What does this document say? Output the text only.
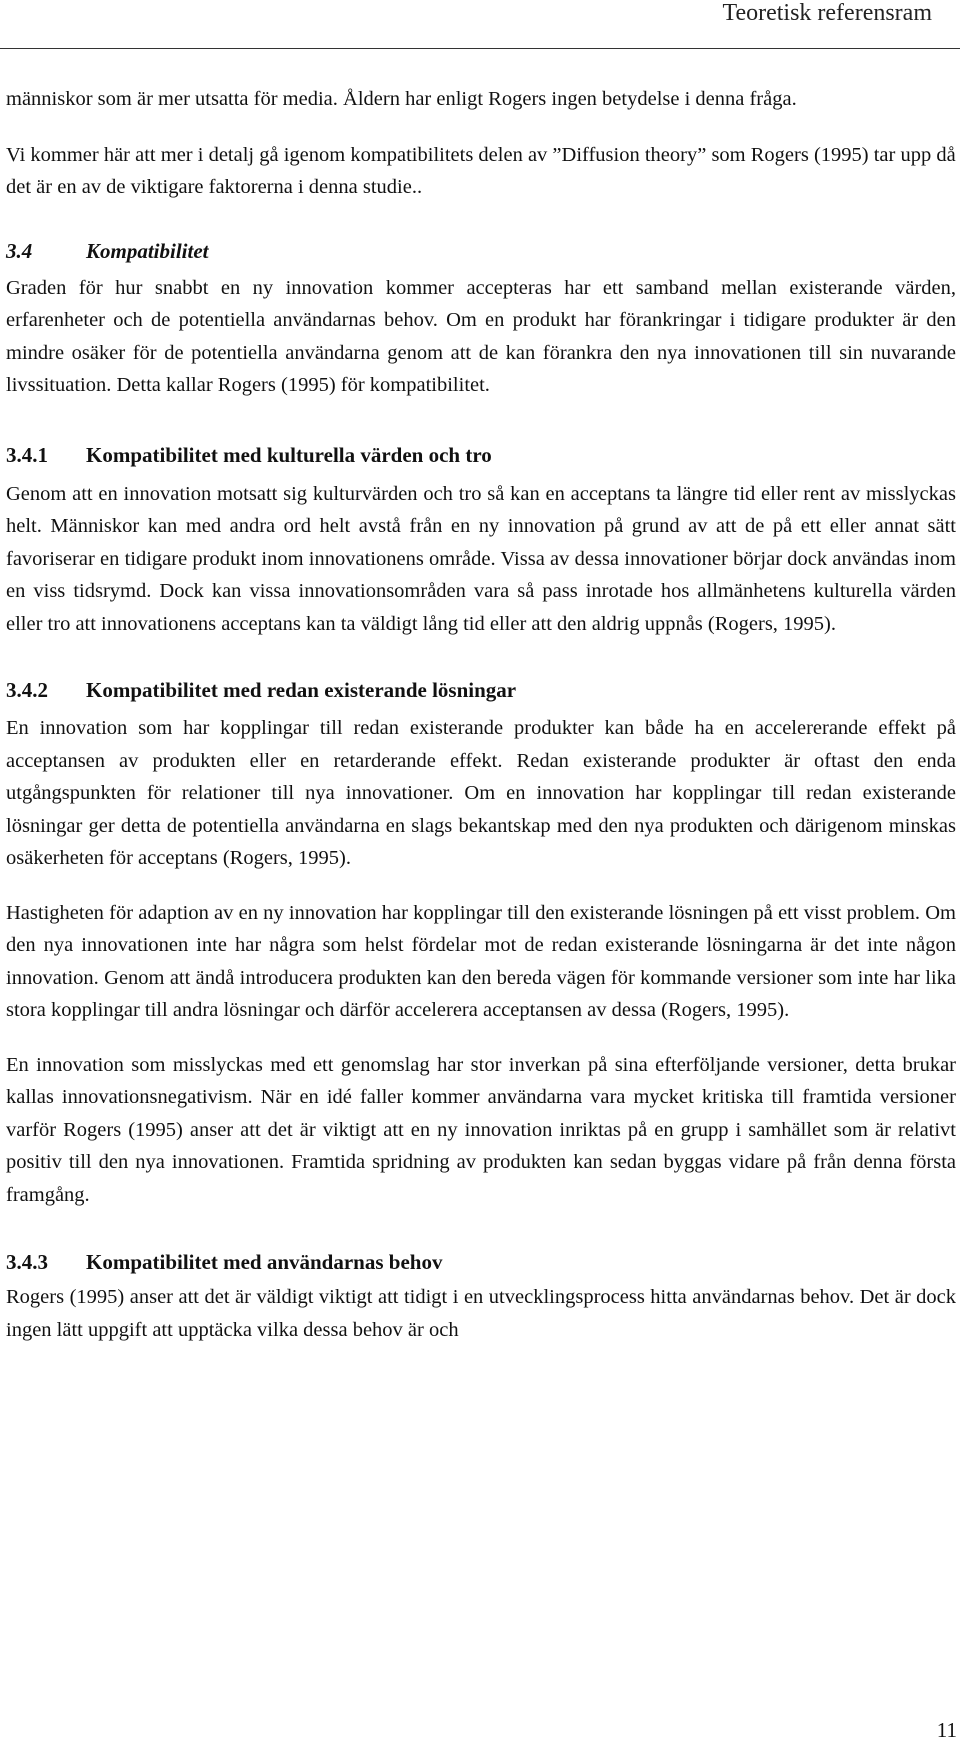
Teoretisk referensram

människor som är mer utsatta för media. Åldern har enligt Rogers ingen betydelse i denna fråga.

Vi kommer här att mer i detalj gå igenom kompatibilitets delen av ”Diffusion theory” som Rogers (1995) tar upp då det är en av de viktigare faktorerna i denna studie..

3.4	Kompatibilitet

Graden för hur snabbt en ny innovation kommer accepteras har ett samband mellan existerande värden, erfarenheter och de potentiella användarnas behov. Om en produkt har förankringar i tidigare produkter är den mindre osäker för de potentiella användarna genom att de kan förankra den nya innovationen till sin nuvarande livssituation. Detta kallar Rogers (1995) för kompatibilitet.

3.4.1 Kompatibilitet med kulturella värden och tro

Genom att en innovation motsatt sig kulturvärden och tro så kan en acceptans ta längre tid eller rent av misslyckas helt. Människor kan med andra ord helt avstå från en ny innovation på grund av att de på ett eller annat sätt favoriserar en tidigare produkt inom innovationens område. Vissa av dessa innovationer börjar dock användas inom en viss tidsrymd. Dock kan vissa innovationsområden vara så pass inrotade hos allmänhetens kulturella värden eller tro att innovationens acceptans kan ta väldigt lång tid eller att den aldrig uppnås (Rogers, 1995).

3.4.2 Kompatibilitet med redan existerande lösningar

En innovation som har kopplingar till redan existerande produkter kan både ha en accelererande effekt på acceptansen av produkten eller en retarderande effekt. Redan existerande produkter är oftast den enda utgångspunkten för relationer till nya innovationer. Om en innovation har kopplingar till redan existerande lösningar ger detta de potentiella användarna en slags bekantskap med den nya produkten och därigenom minskas osäkerheten för acceptans (Rogers, 1995).

Hastigheten för adaption av en ny innovation har kopplingar till den existerande lösningen på ett visst problem. Om den nya innovationen inte har några som helst fördelar mot de redan existerande lösningarna är det inte någon innovation. Genom att ändå introducera produkten kan den bereda vägen för kommande versioner som inte har lika stora kopplingar till andra lösningar och därför accelerera acceptansen av dessa (Rogers, 1995).

En innovation som misslyckas med ett genomslag har stor inverkan på sina efterföljande versioner, detta brukar kallas innovationsnegativism. När en idé faller kommer användarna vara mycket kritiska till framtida versioner varför Rogers (1995) anser att det är viktigt att en ny innovation inriktas på en grupp i samhället som är relativt positiv till den nya innovationen. Framtida spridning av produkten kan sedan byggas vidare på från denna första framgång.

3.4.3 Kompatibilitet med användarnas behov

Rogers (1995) anser att det är väldigt viktigt att tidigt i en utvecklingsprocess hitta användarnas behov. Det är dock ingen lätt uppgift att upptäcka vilka dessa behov är och

11
